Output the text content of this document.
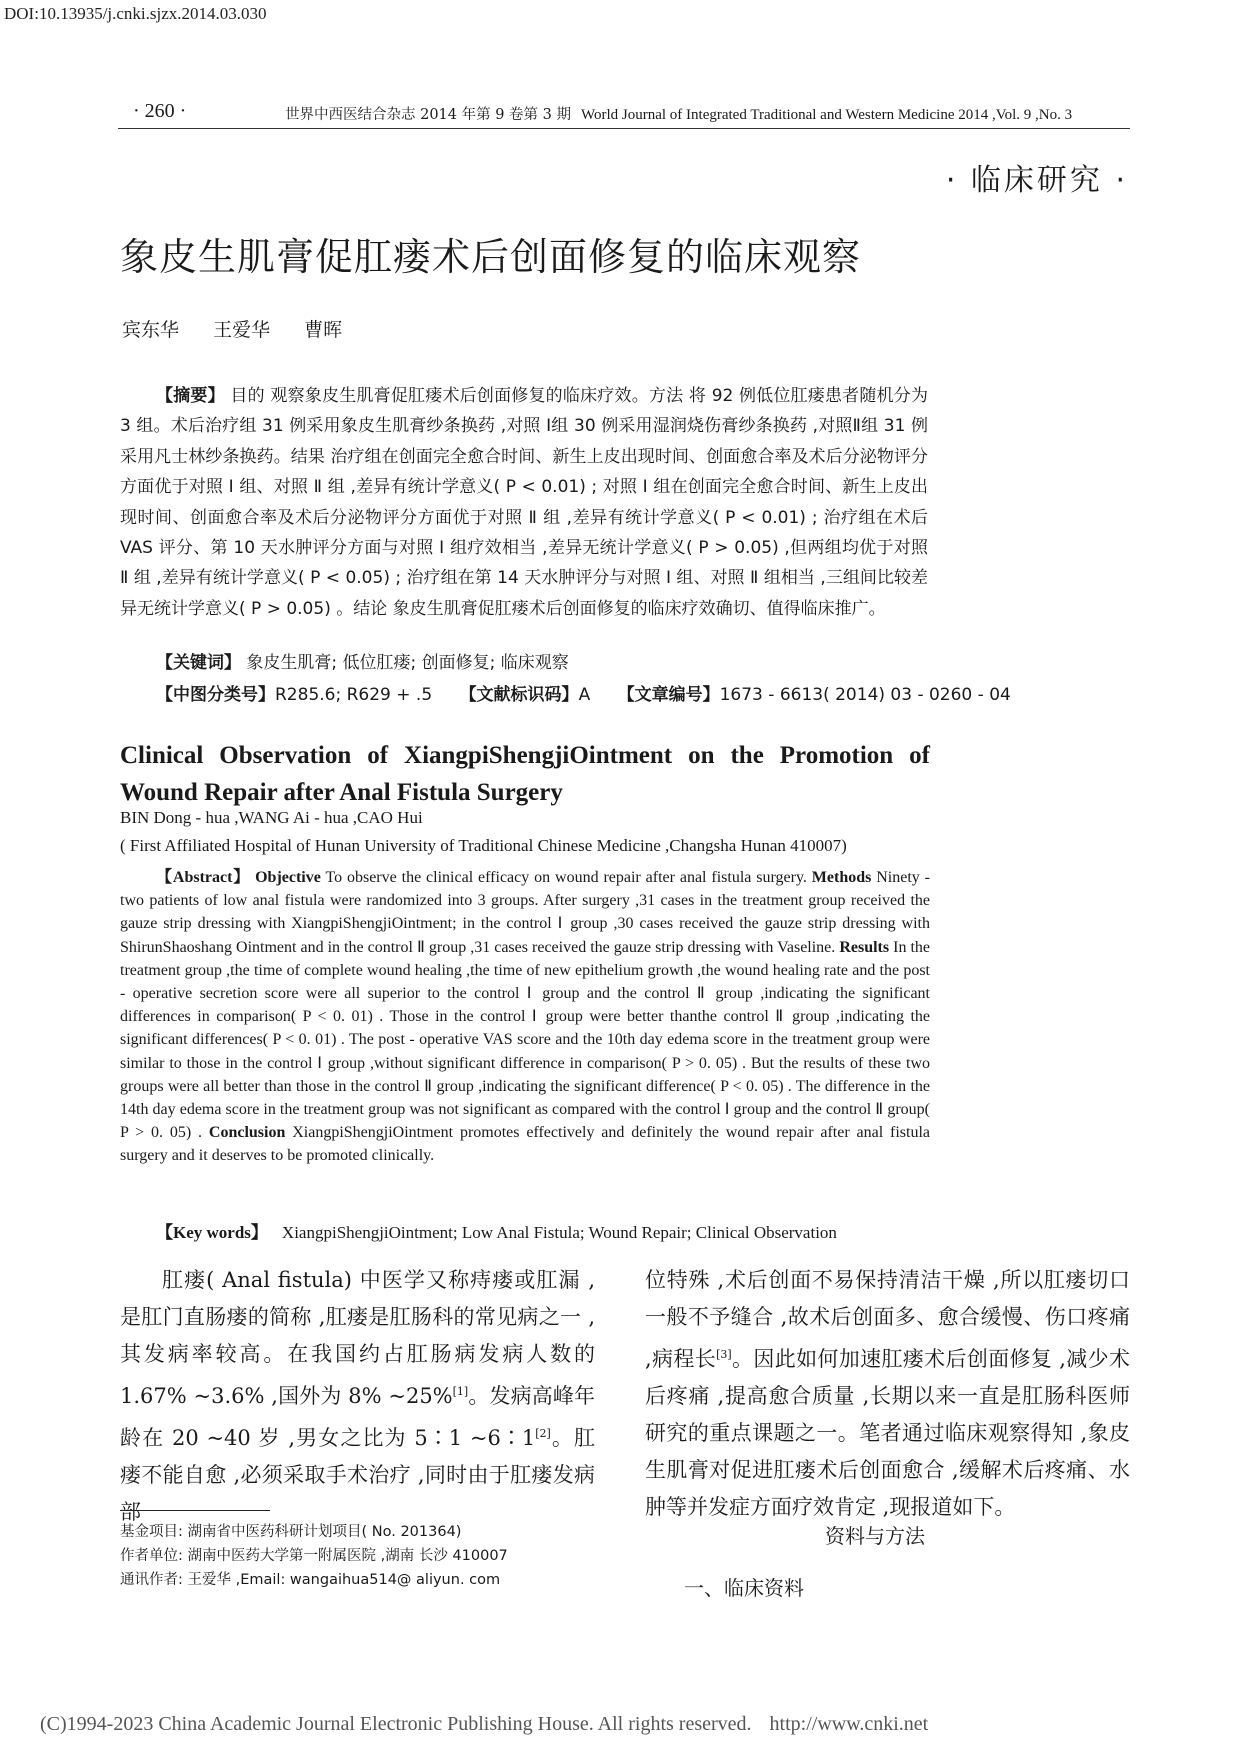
DOI:10.13935/j.cnki.sjzx.2014.03.030
· 260 ·	世界中西医结合杂志 2014 年第 9 卷第 3 期 World Journal of Integrated Traditional and Western Medicine 2014 ,Vol. 9 ,No. 3
· 临床研究 ·
象皮生肌膏促肛瘘术后创面修复的临床观察
宾东华 王爱华 曹晖
【摘要】 目的 观察象皮生肌膏促肛瘘术后创面修复的临床疗效。方法 将 92 例低位肛瘘患者随机分为 3 组。术后治疗组 31 例采用象皮生肌膏纱条换药 ,对照 Ⅰ组 30 例采用湿润烧伤膏纱条换药 ,对照Ⅱ组 31 例采用凡士林纱条换药。结果 治疗组在创面完全愈合时间、新生上皮出现时间、创面愈合率及术后分泌物评分方面优于对照 Ⅰ 组、对照 Ⅱ 组 ,差异有统计学意义( P < 0.01) ; 对照 Ⅰ 组在创面完全愈合时间、新生上皮出现时间、创面愈合率及术后分泌物评分方面优于对照 Ⅱ 组 ,差异有统计学意义( P < 0.01) ; 治疗组在术后 VAS 评分、第 10 天水肿评分方面与对照 Ⅰ 组疗效相当 ,差异无统计学意义( P > 0.05) ,但两组均优于对照 Ⅱ 组 ,差异有统计学意义( P < 0.05) ; 治疗组在第 14 天水肿评分与对照 Ⅰ 组、对照 Ⅱ 组相当 ,三组间比较差异无统计学意义( P > 0.05) 。结论 象皮生肌膏促肛瘘术后创面修复的临床疗效确切、值得临床推广。
【关键词】 象皮生肌膏; 低位肛瘘; 创面修复; 临床观察
【中图分类号】R285.6; R629 + .5 【文献标识码】A 【文章编号】1673 - 6613( 2014) 03 - 0260 - 04
Clinical Observation of XiangpiShengjiOintment on the Promotion of Wound Repair after Anal Fistula Surgery
BIN Dong - hua ,WANG Ai - hua ,CAO Hui
( First Affiliated Hospital of Hunan University of Traditional Chinese Medicine ,Changsha Hunan 410007)
【Abstract】 Objective To observe the clinical efficacy on wound repair after anal fistula surgery. Methods Ninety - two patients of low anal fistula were randomized into 3 groups. After surgery ,31 cases in the treatment group received the gauze strip dressing with XiangpiShengjiOintment; in the control Ⅰ group ,30 cases received the gauze strip dressing with ShirunShaoshang Ointment and in the control Ⅱ group ,31 cases received the gauze strip dressing with Vaseline. Results In the treatment group ,the time of complete wound healing ,the time of new epithelium growth ,the wound healing rate and the post - operative secretion score were all superior to the control Ⅰ group and the control Ⅱ group ,indicating the significant differences in comparison( P < 0. 01) . Those in the control Ⅰ group were better thanthe control Ⅱ group ,indicating the significant differences( P < 0. 01) . The post - operative VAS score and the 10th day edema score in the treatment group were similar to those in the control Ⅰ group ,without significant difference in comparison( P > 0. 05) . But the results of these two groups were all better than those in the control Ⅱ group ,indicating the significant difference( P < 0. 05) . The difference in the 14th day edema score in the treatment group was not significant as compared with the control Ⅰ group and the control Ⅱ group( P > 0. 05) . Conclusion XiangpiShengjiOintment promotes effectively and definitely the wound repair after anal fistula surgery and it deserves to be promoted clinically.
【Key words】 XiangpiShengjiOintment; Low Anal Fistula; Wound Repair; Clinical Observation
肛瘘( Anal fistula) 中医学又称痔瘘或肛漏 ,是肛门直肠瘘的简称 ,肛瘘是肛肠科的常见病之一 ,其发病率较高。在我国约占肛肠病发病人数的 1.67% ~3.6% ,国外为 8% ~25%[1]。发病高峰年龄在 20 ~40 岁 ,男女之比为 5∶1 ~6∶1[2]。肛瘘不能自愈 ,必须采取手术治疗 ,同时由于肛瘘发病部
位特殊 ,术后创面不易保持清洁干燥 ,所以肛瘘切口一般不予缝合 ,故术后创面多、愈合缓慢、伤口疼痛 ,病程长[3]。因此如何加速肛瘘术后创面修复 ,减少术后疼痛 ,提高愈合质量 ,长期以来一直是肛肠科医师研究的重点课题之一。笔者通过临床观察得知 ,象皮生肌膏对促进肛瘘术后创面愈合 ,缓解术后疼痛、水肿等并发症方面疗效肯定 ,现报道如下。
基金项目: 湖南省中医药科研计划项目( No. 201364)
作者单位: 湖南中医药大学第一附属医院 ,湖南 长沙 410007
通讯作者: 王爱华 ,Email: wangaihua514@ aliyun. com
资料与方法
一、临床资料
(C)1994-2023 China Academic Journal Electronic Publishing House. All rights reserved. http://www.cnki.net
